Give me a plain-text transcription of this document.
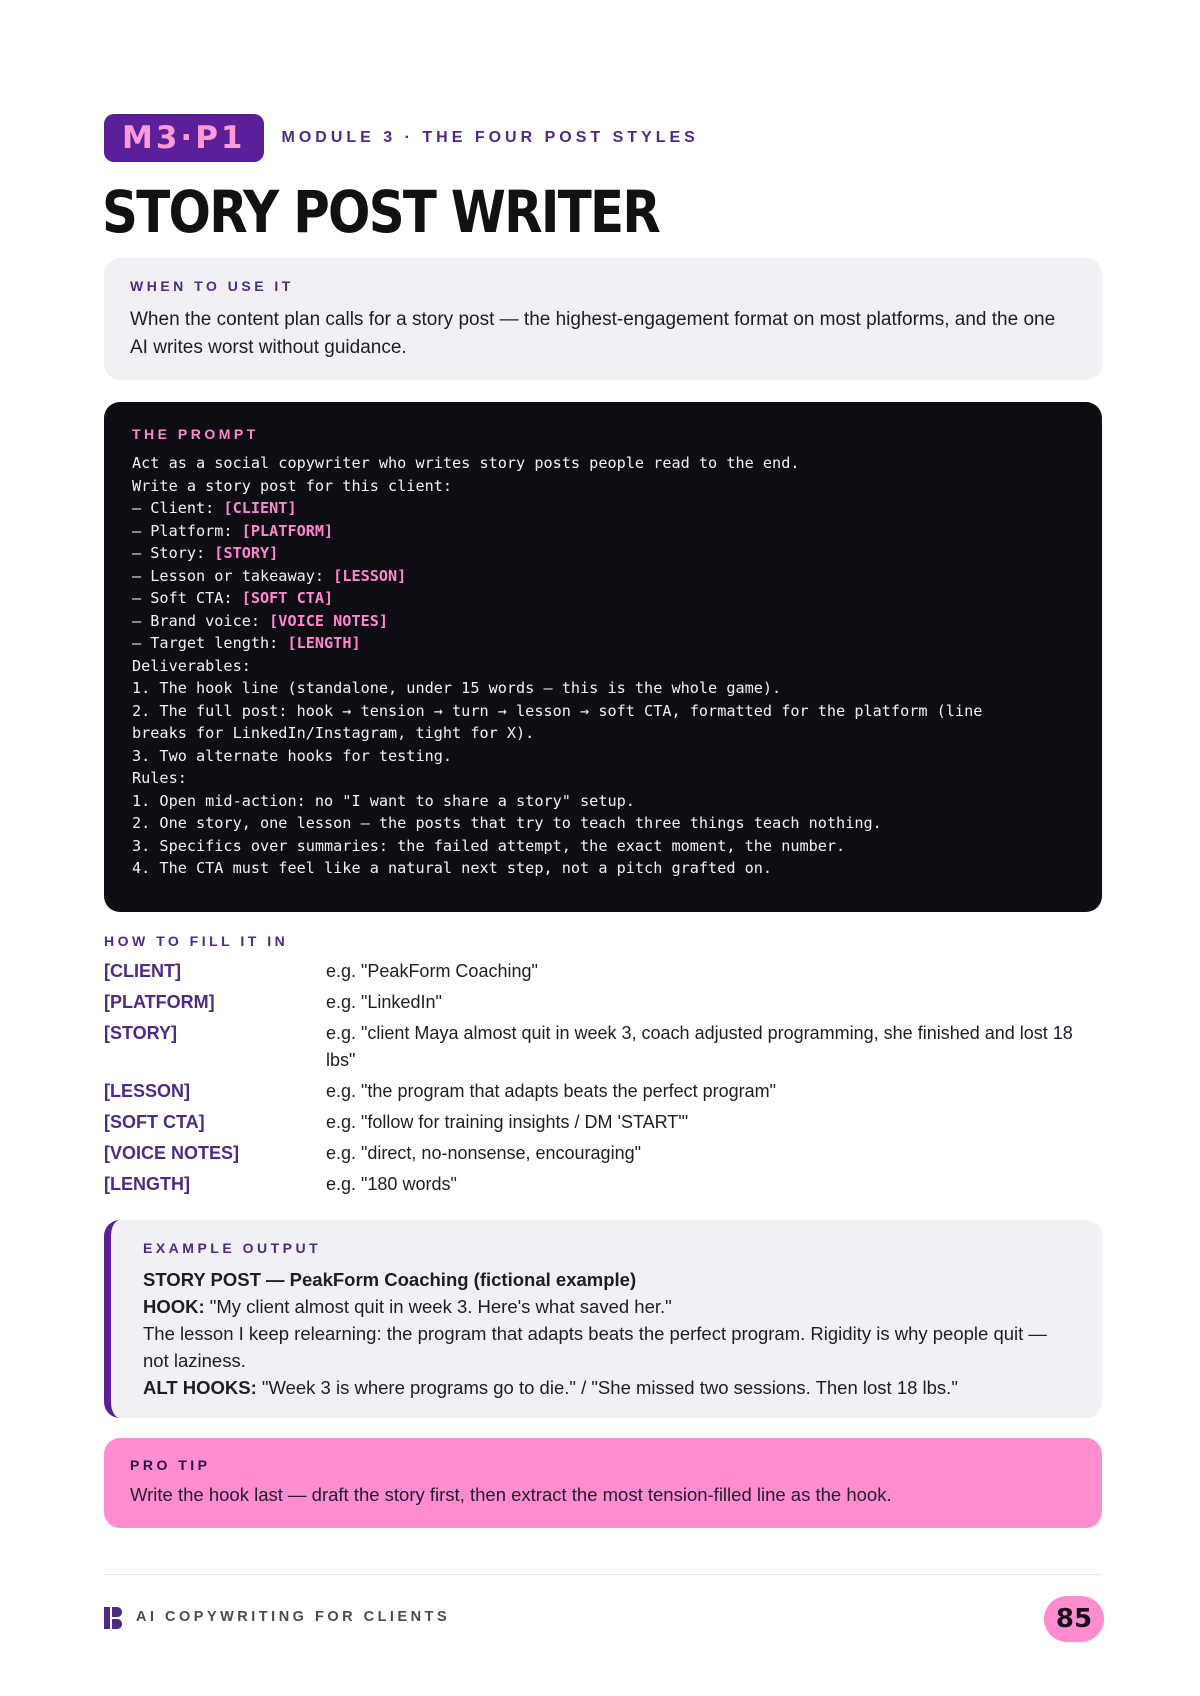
M3·P1	MODULE 3 · THE FOUR POST STYLES
STORY POST WRITER
WHEN TO USE IT
When the content plan calls for a story post — the highest-engagement format on most platforms, and the one AI writes worst without guidance.
THE PROMPT
Act as a social copywriter who writes story posts people read to the end.
Write a story post for this client:
– Client: [CLIENT]
– Platform: [PLATFORM]
– Story: [STORY]
– Lesson or takeaway: [LESSON]
– Soft CTA: [SOFT CTA]
– Brand voice: [VOICE NOTES]
– Target length: [LENGTH]
Deliverables:
1. The hook line (standalone, under 15 words – this is the whole game).
2. The full post: hook → tension → turn → lesson → soft CTA, formatted for the platform (line
breaks for LinkedIn/Instagram, tight for X).
3. Two alternate hooks for testing.
Rules:
1. Open mid-action: no "I want to share a story" setup.
2. One story, one lesson – the posts that try to teach three things teach nothing.
3. Specifics over summaries: the failed attempt, the exact moment, the number.
4. The CTA must feel like a natural next step, not a pitch grafted on.
HOW TO FILL IT IN
[CLIENT]	e.g. "PeakForm Coaching"
[PLATFORM]	e.g. "LinkedIn"
[STORY]	e.g. "client Maya almost quit in week 3, coach adjusted programming, she finished and lost 18 lbs"
[LESSON]	e.g. "the program that adapts beats the perfect program"
[SOFT CTA]	e.g. "follow for training insights / DM 'START'"
[VOICE NOTES]	e.g. "direct, no-nonsense, encouraging"
[LENGTH]	e.g. "180 words"
EXAMPLE OUTPUT
STORY POST — PeakForm Coaching (fictional example)
HOOK: "My client almost quit in week 3. Here's what saved her."
The lesson I keep relearning: the program that adapts beats the perfect program. Rigidity is why people quit — not laziness.
ALT HOOKS: "Week 3 is where programs go to die." / "She missed two sessions. Then lost 18 lbs."
PRO TIP
Write the hook last — draft the story first, then extract the most tension-filled line as the hook.
AI COPYWRITING FOR CLIENTS	85
